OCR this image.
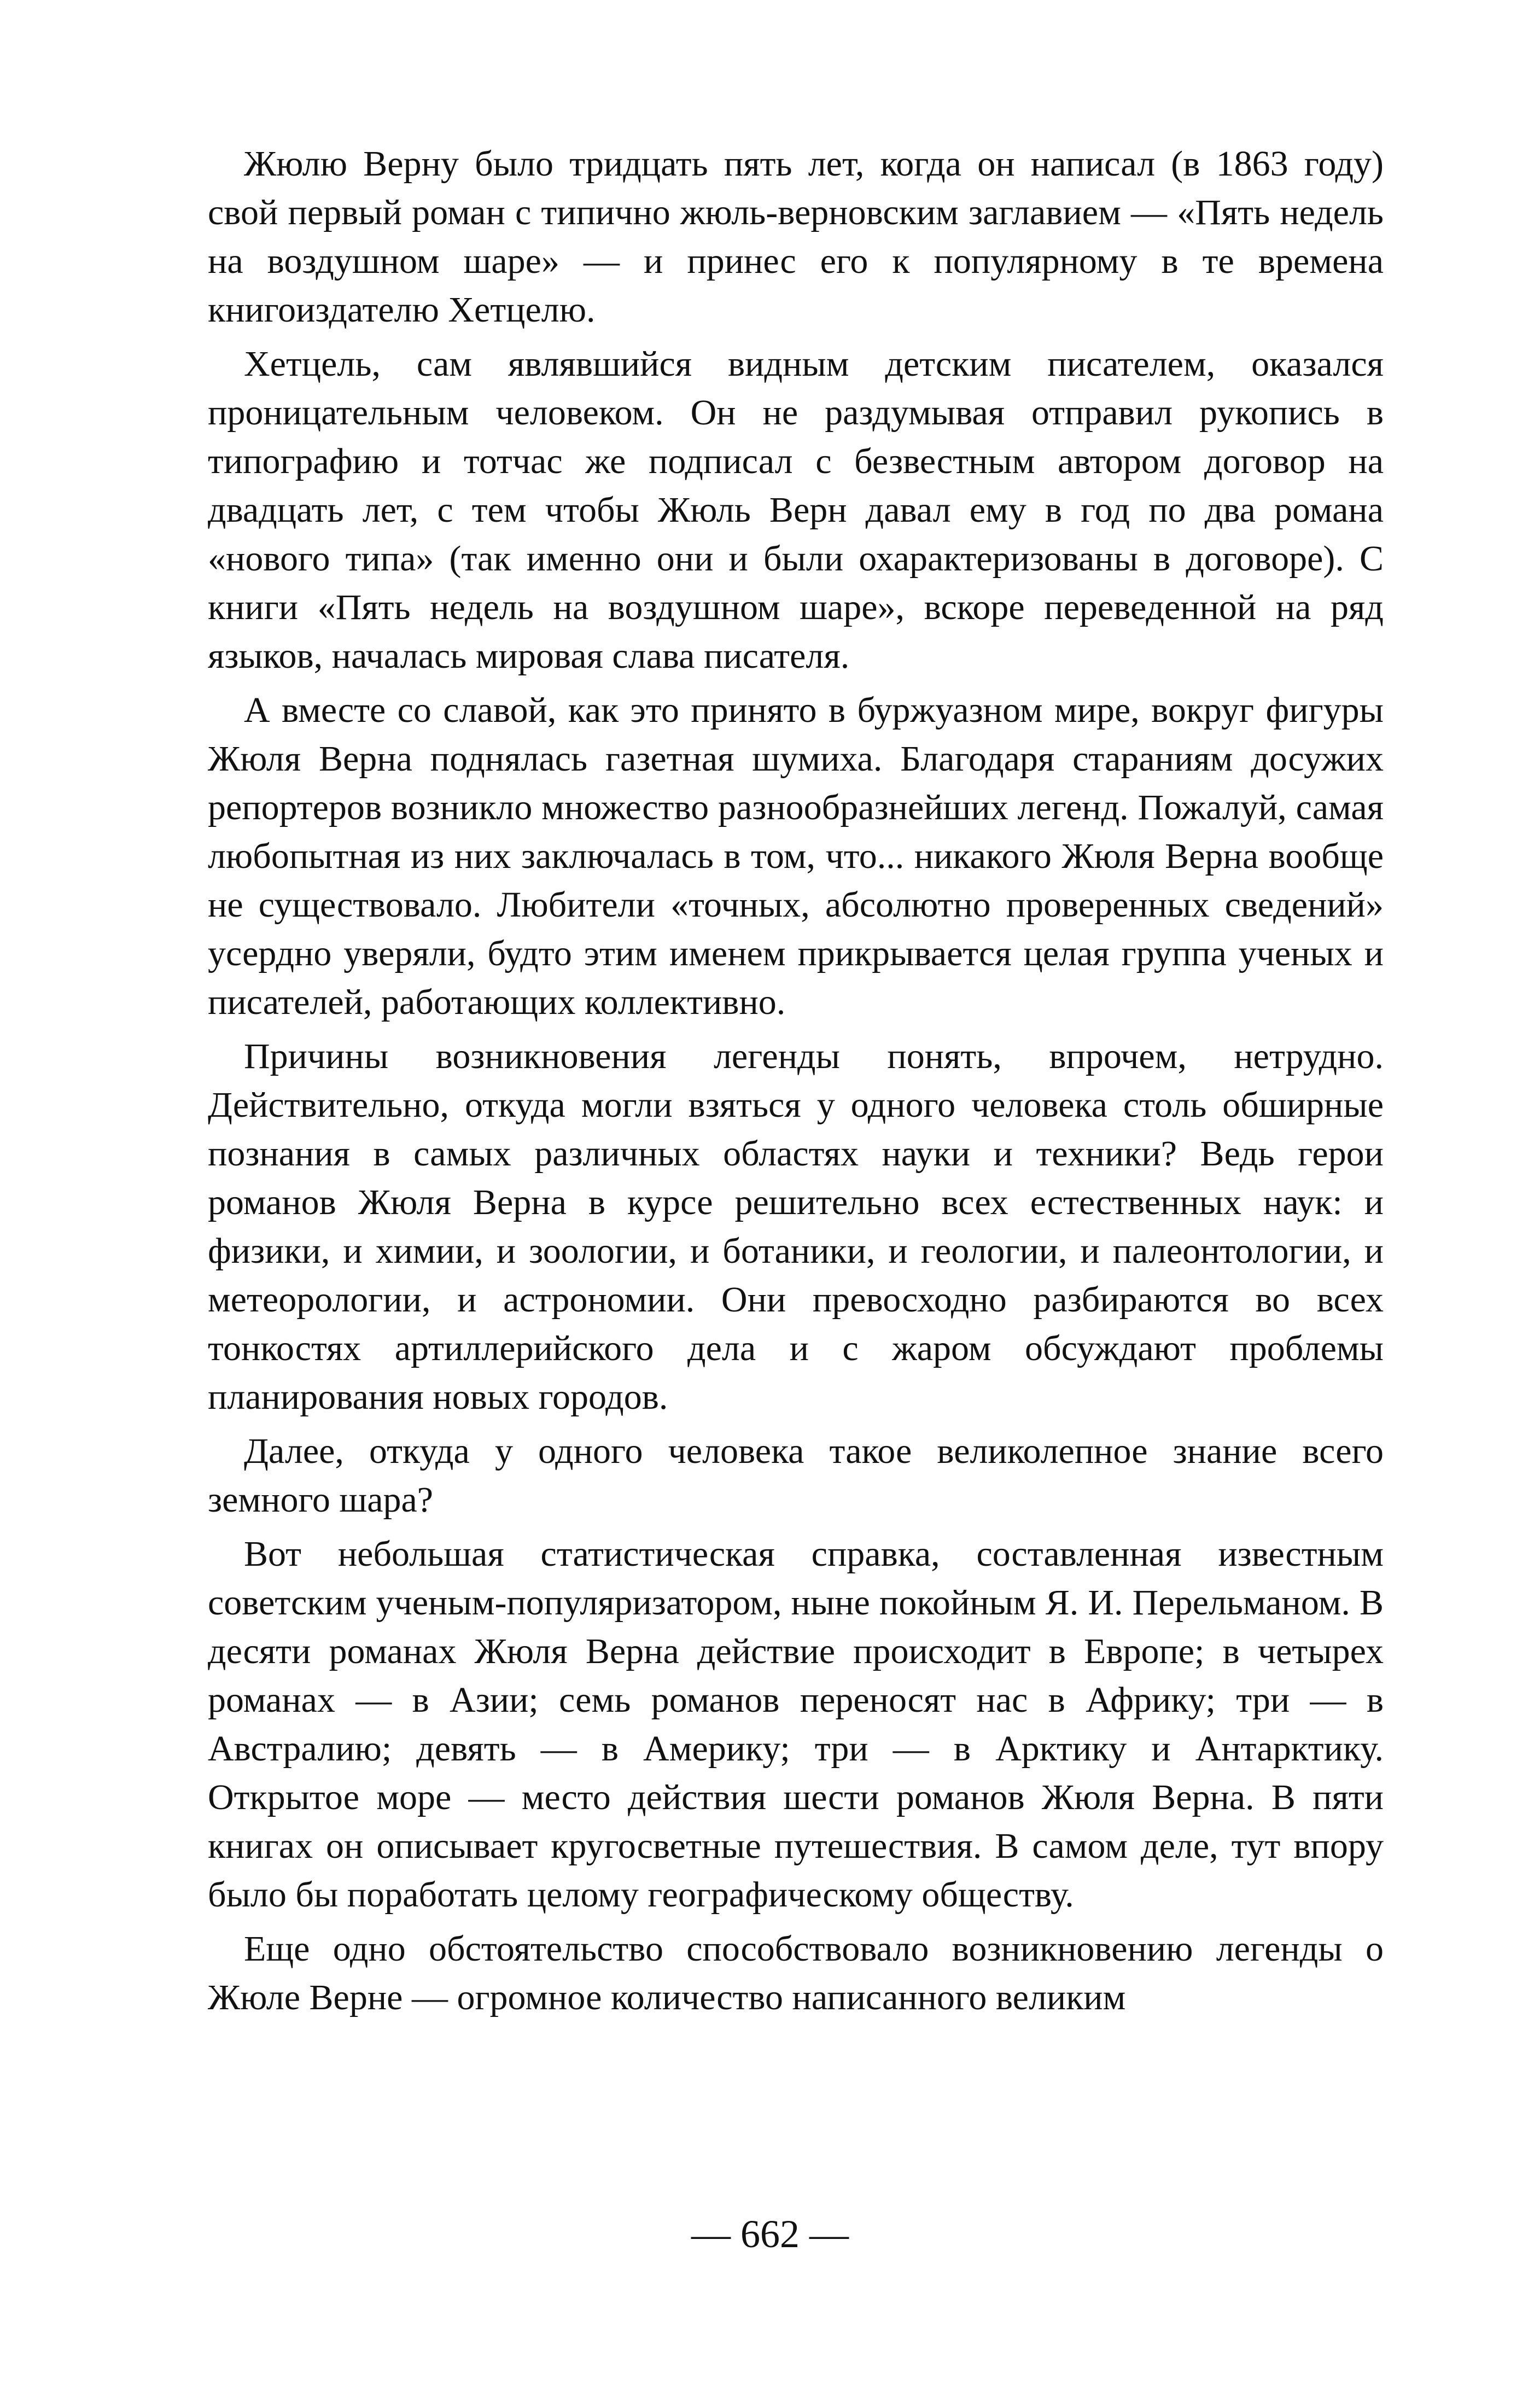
Жюлю Верну было тридцать пять лет, когда он написал (в 1863 году) свой первый роман с типично жюль-верновским заглавием — «Пять недель на воздушном шаре» — и принес его к популярному в те времена книгоиздателю Хетцелю.

Хетцель, сам являвшийся видным детским писателем, оказался проницательным человеком. Он не раздумывая отправил рукопись в типографию и тотчас же подписал с безвестным автором договор на двадцать лет, с тем чтобы Жюль Верн давал ему в год по два романа «нового типа» (так именно они и были охарактеризованы в договоре). С книги «Пять недель на воздушном шаре», вскоре переведенной на ряд языков, началась мировая слава писателя.

А вместе со славой, как это принято в буржуазном мире, вокруг фигуры Жюля Верна поднялась газетная шумиха. Благодаря стараниям досужих репортеров возникло множество разнообразнейших легенд. Пожалуй, самая любопытная из них заключалась в том, что... никакого Жюля Верна вообще не существовало. Любители «точных, абсолютно проверенных сведений» усердно уверяли, будто этим именем прикрывается целая группа ученых и писателей, работающих коллективно.

Причины возникновения легенды понять, впрочем, нетрудно. Действительно, откуда могли взяться у одного человека столь обширные познания в самых различных областях науки и техники? Ведь герои романов Жюля Верна в курсе решительно всех естественных наук: и физики, и химии, и зоологии, и ботаники, и геологии, и палеонтологии, и метеорологии, и астрономии. Они превосходно разбираются во всех тонкостях артиллерийского дела и с жаром обсуждают проблемы планирования новых городов.

Далее, откуда у одного человека такое великолепное знание всего земного шара?

Вот небольшая статистическая справка, составленная известным советским ученым-популяризатором, ныне покойным Я. И. Перельманом. В десяти романах Жюля Верна действие происходит в Европе; в четырех романах — в Азии; семь романов переносят нас в Африку; три — в Австралию; девять — в Америку; три — в Арктику и Антарктику. Открытое море — место действия шести романов Жюля Верна. В пяти книгах он описывает кругосветные путешествия. В самом деле, тут впору было бы поработать целому географическому обществу.

Еще одно обстоятельство способствовало возникновению легенды о Жюле Верне — огромное количество написанного великим

— 662 —
